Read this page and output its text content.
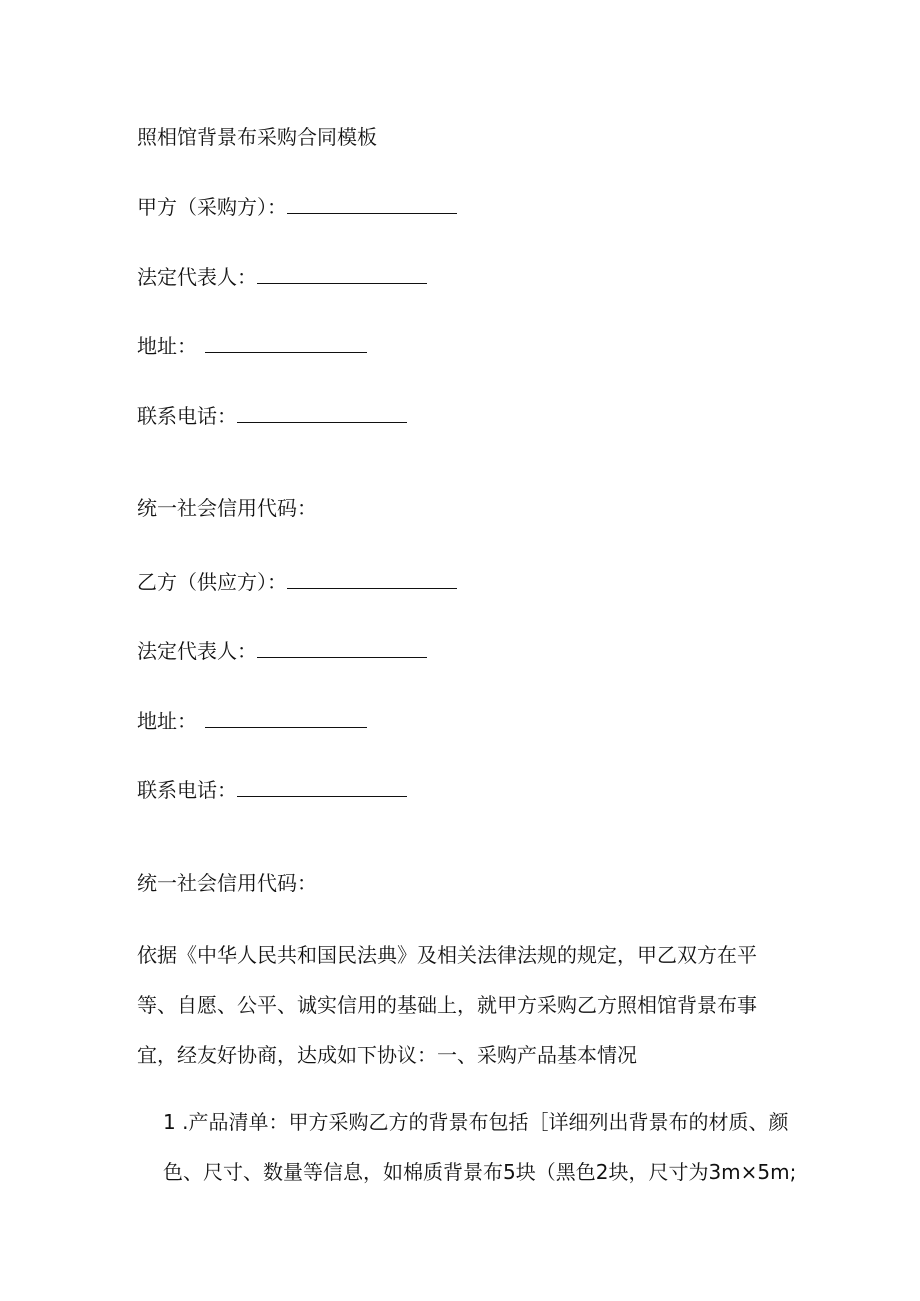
照相馆背景布采购合同模板
甲方（采购方）：
法定代表人：
地址：
联系电话：
统一社会信用代码：
乙方（供应方）：
法定代表人：
地址：
联系电话：
统一社会信用代码：
依据《中华人民共和国民法典》及相关法律法规的规定，甲乙双方在平
等、自愿、公平、诚实信用的基础上，就甲方采购乙方照相馆背景布事
宜，经友好协商，达成如下协议：一、采购产品基本情况
1 .产品清单：甲方采购乙方的背景布包括［详细列出背景布的材质、颜
色、尺寸、数量等信息，如棉质背景布5块（黑色2块，尺寸为3m×5m;
